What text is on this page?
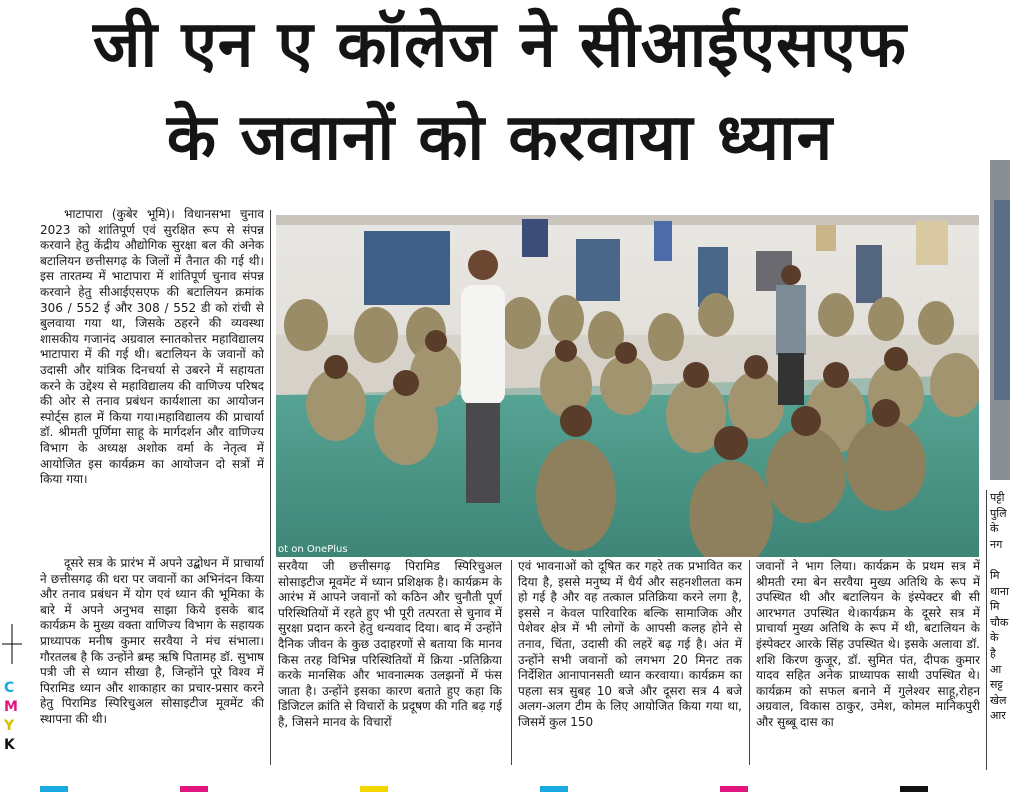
जी एन ए कॉलेज ने सीआईएसएफ
के जवानों को करवाया ध्यान

भाटापारा (कुबेर भूमि)। विधानसभा चुनाव 2023 को शांतिपूर्ण एवं सुरक्षित रूप से संपन्न करवाने हेतु केंद्रीय औद्योगिक सुरक्षा बल की अनेक बटालियन छत्तीसगढ़ के जिलों में तैनात की गई थी। इस तारतम्य में भाटापारा में शांतिपूर्ण चुनाव संपन्न करवाने हेतु सीआईएसएफ की बटालियन क्रमांक 306 / 552 ई और 308 / 552 डी को रांची से बुलवाया गया था, जिसके ठहरने की व्यवस्था शासकीय गजानंद अग्रवाल स्नातकोत्तर महाविद्यालय भाटापारा में की गई थी। बटालियन के जवानों को उदासी और यांत्रिक दिनचर्या से उबरने में सहायता करने के उद्देश्य से महाविद्यालय की वाणिज्य परिषद की ओर से तनाव प्रबंधन कार्यशाला का आयोजन स्पोर्ट्स हाल में किया गया।महाविद्यालय की प्राचार्या डॉ. श्रीमती पूर्णिमा साहू के मार्गदर्शन और वाणिज्य विभाग के अध्यक्ष अशोक वर्मा के नेतृत्व में आयोजित इस कार्यक्रम का आयोजन दो सत्रों में किया गया।

दूसरे सत्र के प्रारंभ में अपने उद्बोधन में प्राचार्या ने छत्तीसगढ़ की धरा पर जवानों का अभिनंदन किया और तनाव प्रबंधन में योग एवं ध्यान की भूमिका के बारे में अपने अनुभव साझा किये इसके बाद कार्यक्रम के मुख्य वक्ता वाणिज्य विभाग के सहायक प्राध्यापक मनीष कुमार सरवैया ने मंच संभाला। गौरतलब है कि उन्होंने ब्रम्ह ऋषि पितामह डॉ. सुभाष पत्री जी से ध्यान सीखा है, जिन्होंने पूरे विश्व में पिरामिड ध्यान और शाकाहार का प्रचार-प्रसार करने हेतु पिरामिड स्पिरिचुअल सोसाइटीज मूवमेंट की स्थापना की थी।

ot on OnePlus

सरवैया जी छत्तीसगढ़ पिरामिड स्पिरिचुअल सोसाइटीज मूवमेंट में ध्यान प्रशिक्षक है। कार्यक्रम के आरंभ में आपने जवानों को कठिन और चुनौती पूर्ण परिस्थितियों में रहते हुए भी पूरी तत्परता से चुनाव में सुरक्षा प्रदान करने हेतु धन्यवाद दिया। बाद में उन्होंने दैनिक जीवन के कुछ उदाहरणों से बताया कि मानव किस तरह विभिन्न परिस्थितियों में क्रिया -प्रतिक्रिया करके मानसिक और भावनात्मक उलझनों में फंस जाता है। उन्होंने इसका कारण बताते हुए कहा कि डिजिटल क्रांति से विचारों के प्रदूषण की गति बढ़ गई है, जिसने मानव के विचारों

एवं भावनाओं को दूषित कर गहरे तक प्रभावित कर दिया है, इससे मनुष्य में धैर्य और सहनशीलता कम हो गई है और वह तत्काल प्रतिक्रिया करने लगा है, इससे न केवल पारिवारिक बल्कि सामाजिक और पेशेवर क्षेत्र में भी लोगों के आपसी कलह होने से तनाव, चिंता, उदासी की लहरें बढ़ गई है। अंत में उन्होंने सभी जवानों को लगभग 20 मिनट तक निर्देशित आनापानसती ध्यान करवाया। कार्यक्रम का पहला सत्र सुबह 10 बजे और दूसरा सत्र 4 बजे अलग-अलग टीम के लिए आयोजित किया गया था, जिसमें कुल 150

जवानों ने भाग लिया। कार्यक्रम के प्रथम सत्र में श्रीमती रमा बेन सरवैया मुख्य अतिथि के रूप में उपस्थित थी और बटालियन के इंस्पेक्टर बी सी आरभगत उपस्थित थे।कार्यक्रम के दूसरे सत्र में प्राचार्या मुख्य अतिथि के रूप में थी, बटालियन के इंस्पेक्टर आरके सिंह उपस्थित थे। इसके अलावा डॉ. शशि किरण कुजूर, डॉ. सुमित पंत, दीपक कुमार यादव सहित अनेक प्राध्यापक साथी उपस्थित थे। कार्यक्रम को सफल बनाने में गुलेश्वर साहू,रोहन अग्रवाल, विकास ठाकुर, उमेश, कोमल मानिकपुरी और सुब्बू दास का

पट्टी
पुलि
के
नग
मि
थाना
मि
चौक
के
है
आ
सट्ट
खेल
आर
C
M
Y
K
